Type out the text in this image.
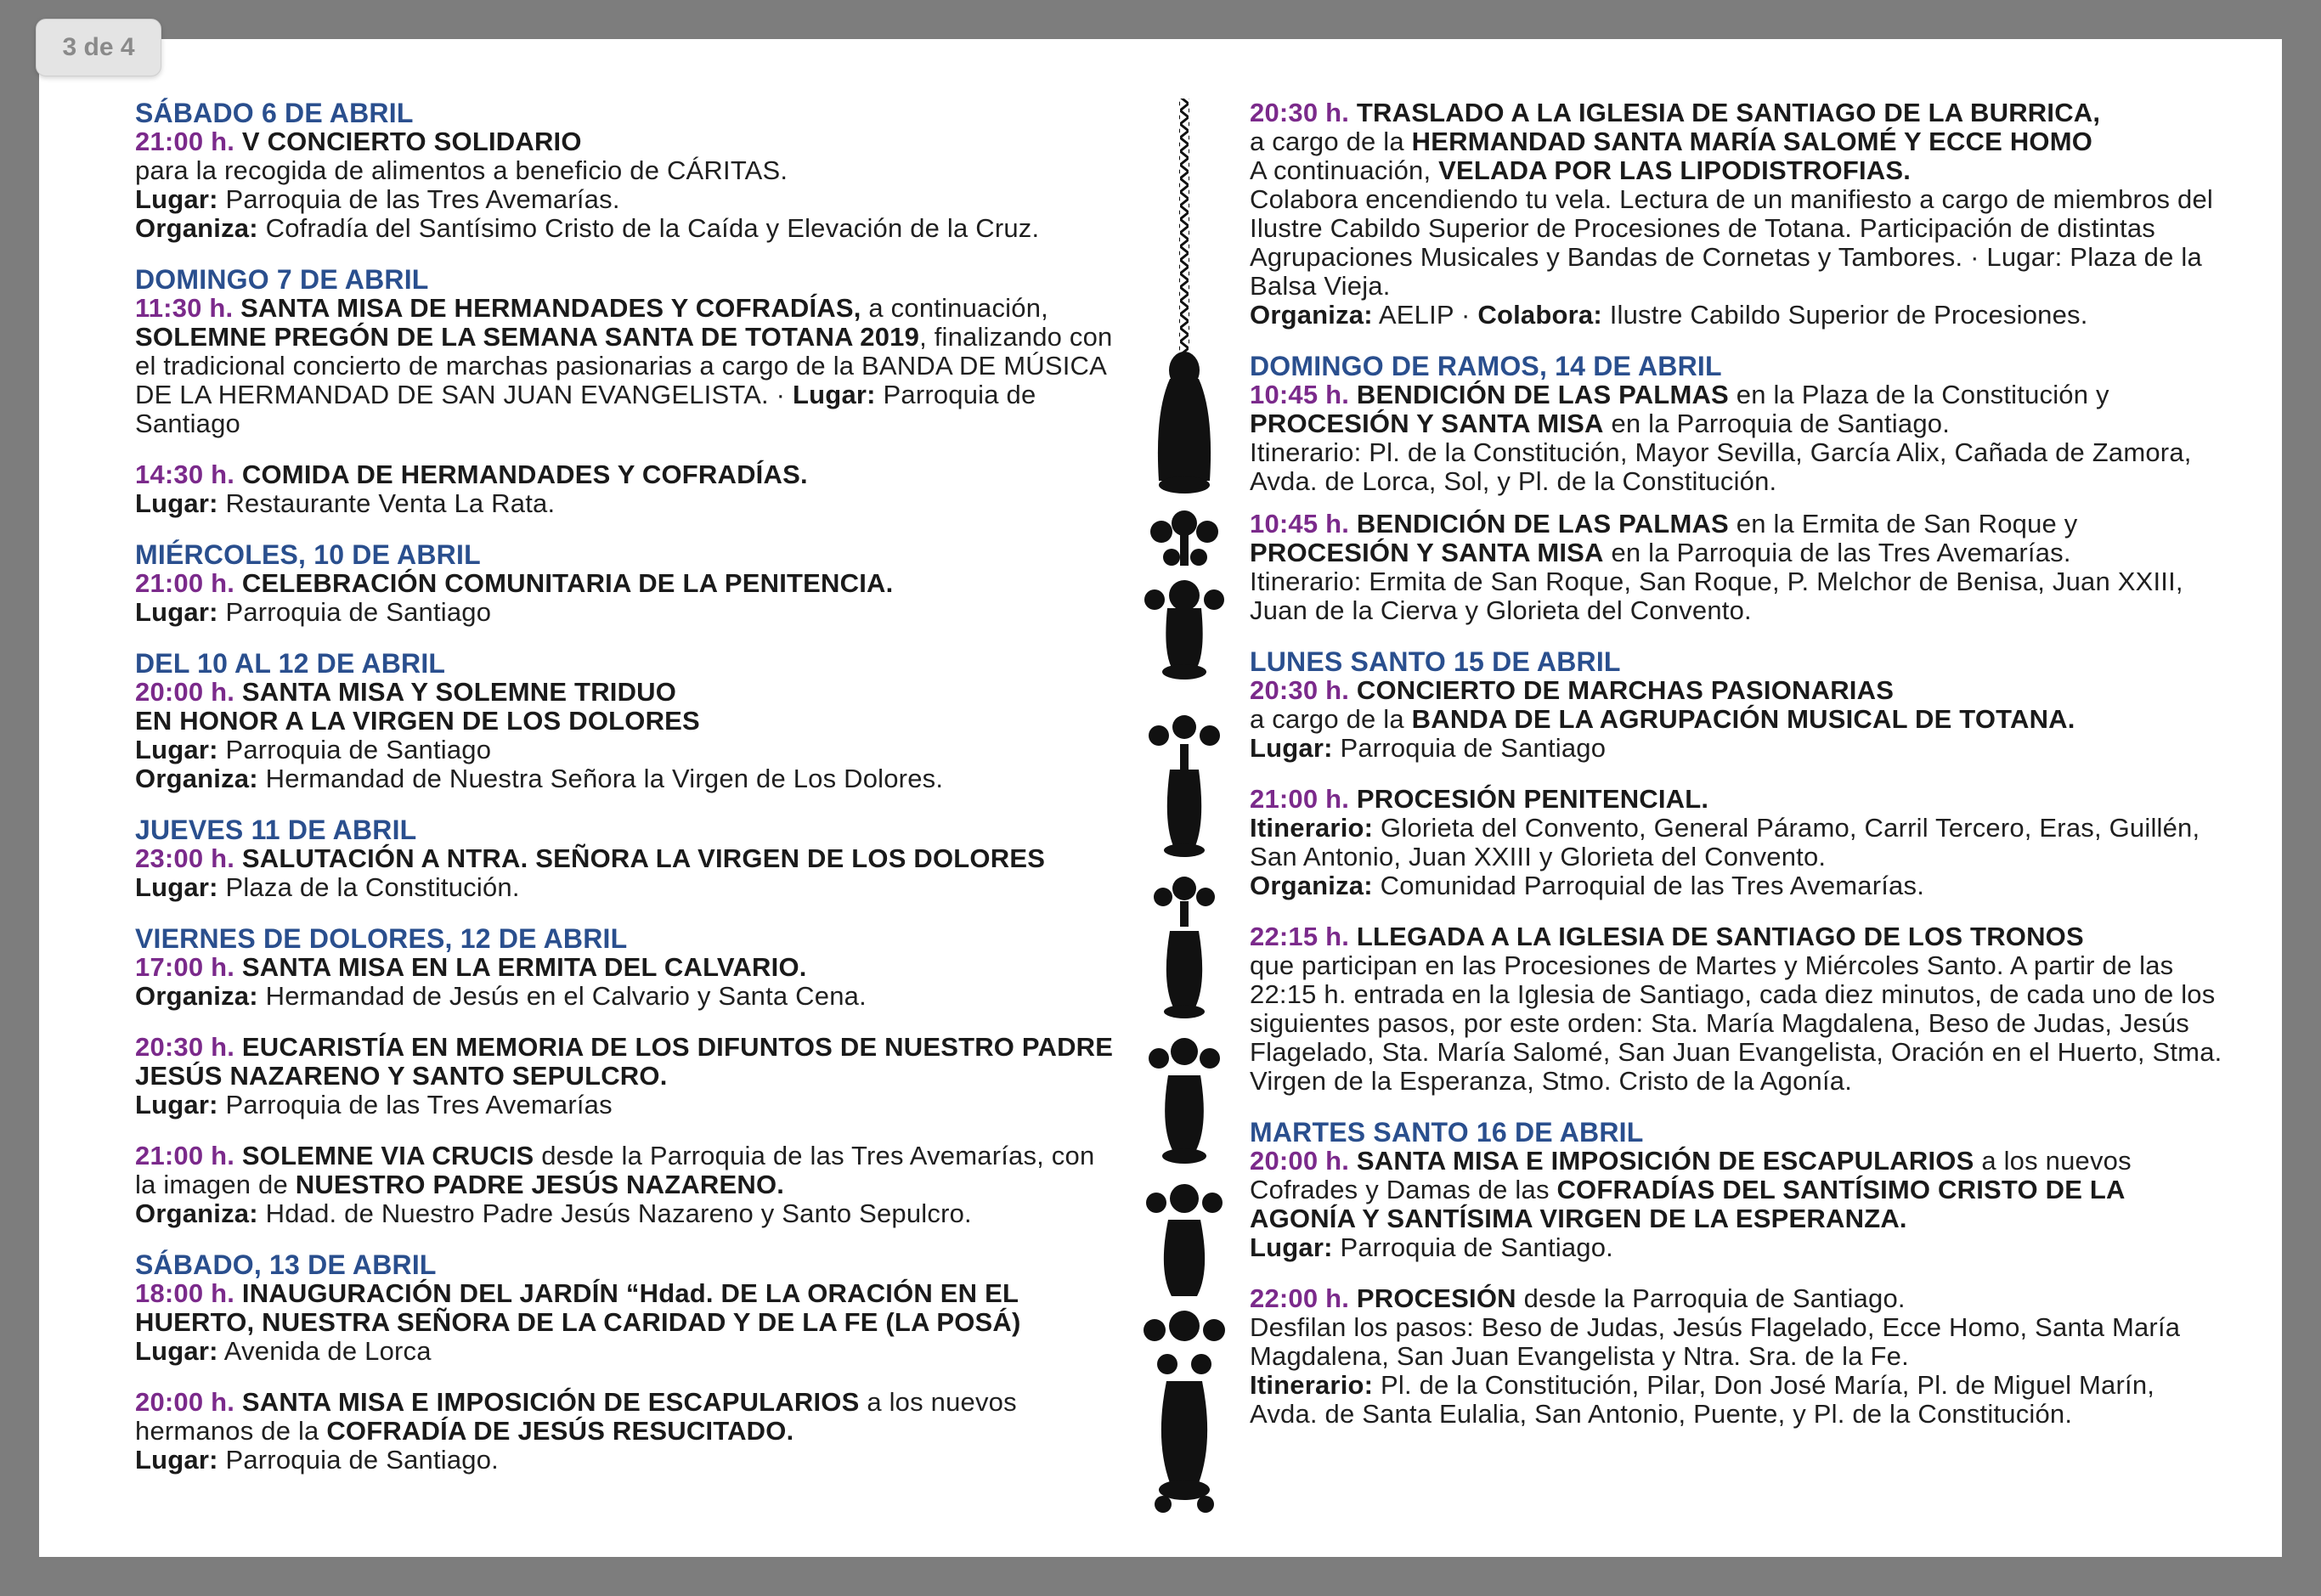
3 de 4
SÁBADO 6 DE ABRIL
21:00 h. V CONCIERTO SOLIDARIO
para la recogida de alimentos a beneficio de CÁRITAS.
Lugar: Parroquia de las Tres Avemarías.
Organiza: Cofradía del Santísimo Cristo de la Caída y Elevación de la Cruz.
DOMINGO 7 DE ABRIL
11:30 h. SANTA MISA DE HERMANDADES Y COFRADÍAS, a continuación, SOLEMNE PREGÓN DE LA SEMANA SANTA DE TOTANA 2019, finalizando con el tradicional concierto de marchas pasionarias a cargo de la BANDA DE MÚSICA DE LA HERMANDAD DE SAN JUAN EVANGELISTA. · Lugar: Parroquia de Santiago
14:30 h. COMIDA DE HERMANDADES Y COFRADÍAS.
Lugar: Restaurante Venta La Rata.
MIÉRCOLES, 10 DE ABRIL
21:00 h. CELEBRACIÓN COMUNITARIA DE LA PENITENCIA.
Lugar: Parroquia de Santiago
DEL 10 AL 12 DE ABRIL
20:00 h. SANTA MISA Y SOLEMNE TRIDUO
EN HONOR A LA VIRGEN DE LOS DOLORES
Lugar: Parroquia de Santiago
Organiza: Hermandad de Nuestra Señora la Virgen de Los Dolores.
JUEVES 11 DE ABRIL
23:00 h. SALUTACIÓN A NTRA. SEÑORA LA VIRGEN DE LOS DOLORES
Lugar: Plaza de la Constitución.
VIERNES DE DOLORES, 12 DE ABRIL
17:00 h. SANTA MISA EN LA ERMITA DEL CALVARIO.
Organiza: Hermandad de Jesús en el Calvario y Santa Cena.
20:30 h. EUCARISTÍA EN MEMORIA DE LOS DIFUNTOS DE NUESTRO PADRE JESÚS NAZARENO Y SANTO SEPULCRO.
Lugar: Parroquia de las Tres Avemarías
21:00 h. SOLEMNE VIA CRUCIS desde la Parroquia de las Tres Avemarías, con la imagen de NUESTRO PADRE JESÚS NAZARENO.
Organiza: Hdad. de Nuestro Padre Jesús Nazareno y Santo Sepulcro.
SÁBADO, 13 DE ABRIL
18:00 h. INAUGURACIÓN DEL JARDÍN “Hdad. DE LA ORACIÓN EN EL HUERTO, NUESTRA SEÑORA DE LA CARIDAD Y DE LA FE (LA POSÁ)
Lugar: Avenida de Lorca
20:00 h. SANTA MISA E IMPOSICIÓN DE ESCAPULARIOS a los nuevos hermanos de la COFRADÍA DE JESÚS RESUCITADO.
Lugar: Parroquia de Santiago.
20:30 h. TRASLADO A LA IGLESIA DE SANTIAGO DE LA BURRICA,
a cargo de la HERMANDAD SANTA MARÍA SALOMÉ Y ECCE HOMO
A continuación, VELADA POR LAS LIPODISTROFIAS.
Colabora encendiendo tu vela. Lectura de un manifiesto a cargo de miembros del Ilustre Cabildo Superior de Procesiones de Totana. Participación de distintas Agrupaciones Musicales y Bandas de Cornetas y Tambores. · Lugar: Plaza de la Balsa Vieja.
Organiza: AELIP · Colabora: Ilustre Cabildo Superior de Procesiones.
DOMINGO DE RAMOS, 14 DE ABRIL
10:45 h. BENDICIÓN DE LAS PALMAS en la Plaza de la Constitución y PROCESIÓN Y SANTA MISA en la Parroquia de Santiago.
Itinerario: Pl. de la Constitución, Mayor Sevilla, García Alix, Cañada de Zamora, Avda. de Lorca, Sol, y Pl. de la Constitución.
10:45 h. BENDICIÓN DE LAS PALMAS en la Ermita de San Roque y PROCESIÓN Y SANTA MISA en la Parroquia de las Tres Avemarías.
Itinerario: Ermita de San Roque, San Roque, P. Melchor de Benisa, Juan XXIII, Juan de la Cierva y Glorieta del Convento.
LUNES SANTO 15 DE ABRIL
20:30 h. CONCIERTO DE MARCHAS PASIONARIAS
a cargo de la BANDA DE LA AGRUPACIÓN MUSICAL DE TOTANA.
Lugar: Parroquia de Santiago
21:00 h. PROCESIÓN PENITENCIAL.
Itinerario: Glorieta del Convento, General Páramo, Carril Tercero, Eras, Guillén, San Antonio, Juan XXIII y Glorieta del Convento.
Organiza: Comunidad Parroquial de las Tres Avemarías.
22:15 h. LLEGADA A LA IGLESIA DE SANTIAGO DE LOS TRONOS
que participan en las Procesiones de Martes y Miércoles Santo. A partir de las 22:15 h. entrada en la Iglesia de Santiago, cada diez minutos, de cada uno de los siguientes pasos, por este orden: Sta. María Magdalena, Beso de Judas, Jesús Flagelado, Sta. María Salomé, San Juan Evangelista, Oración en el Huerto, Stma. Virgen de la Esperanza, Stmo. Cristo de la Agonía.
MARTES SANTO 16 DE ABRIL
20:00 h. SANTA MISA E IMPOSICIÓN DE ESCAPULARIOS a los nuevos Cofrades y Damas de las COFRADÍAS DEL SANTÍSIMO CRISTO DE LA AGONÍA Y SANTÍSIMA VIRGEN DE LA ESPERANZA.
Lugar: Parroquia de Santiago.
22:00 h. PROCESIÓN desde la Parroquia de Santiago.
Desfilan los pasos: Beso de Judas, Jesús Flagelado, Ecce Homo, Santa María Magdalena, San Juan Evangelista y Ntra. Sra. de la Fe.
Itinerario: Pl. de la Constitución, Pilar, Don José María, Pl. de Miguel Marín, Avda. de Santa Eulalia, San Antonio, Puente, y Pl. de la Constitución.
